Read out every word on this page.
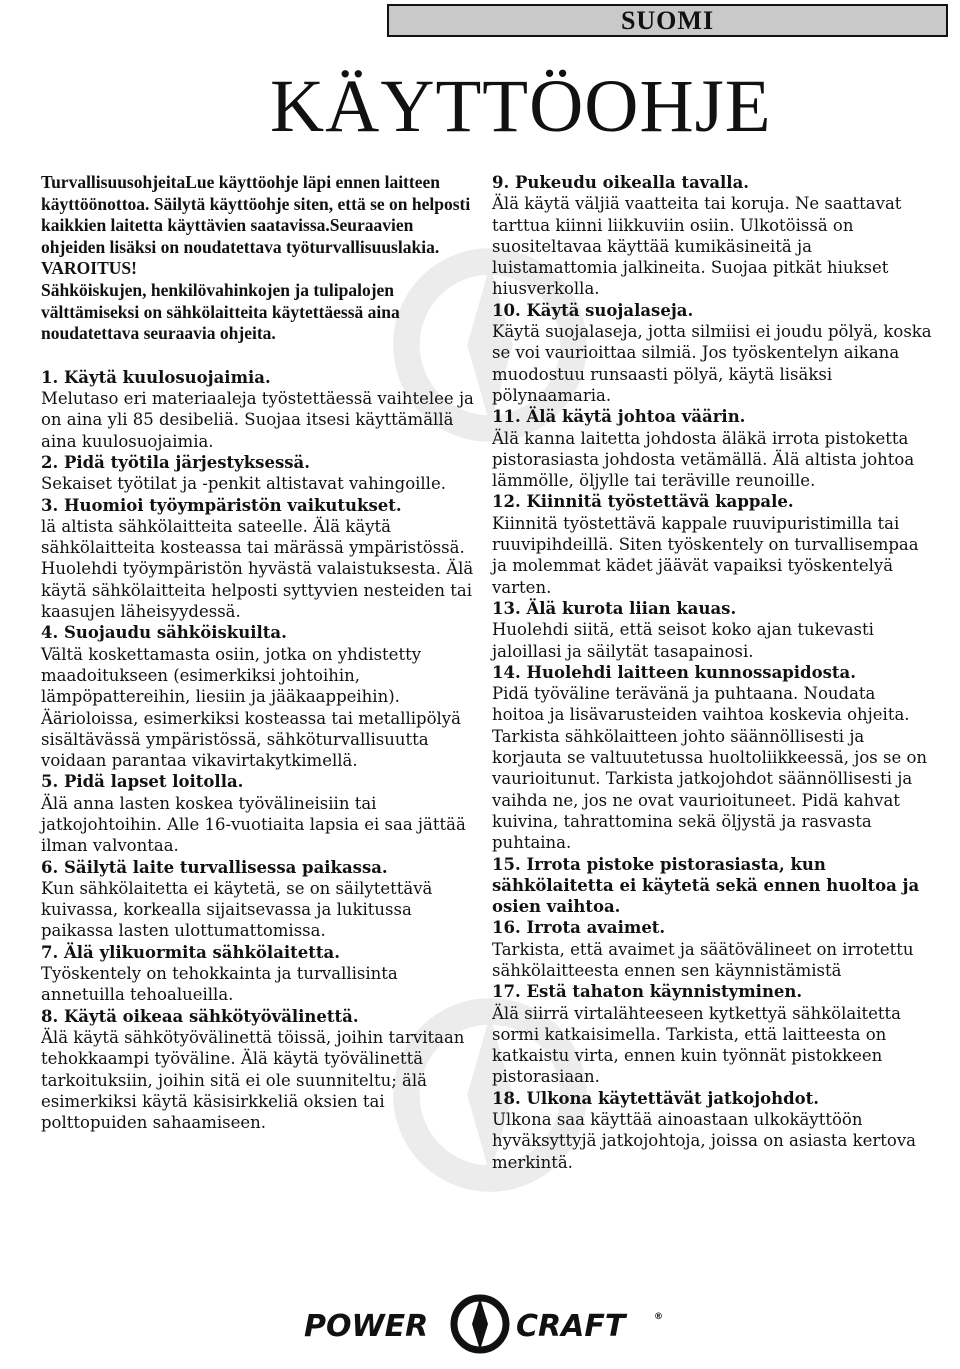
SUOMI
KÄYTTÖOHJE

TurvallisuusohjeitaLue käyttöohje läpi ennen laitteen käyttöönottoa. Säilytä käyttöohje siten, että se on helposti kaikkien laitetta käyttävien saatavissa.Seuraavien ohjeiden lisäksi on noudatettava työturvallisuuslakia.

VAROITUS!

Sähköiskujen, henkilövahinkojen ja tulipalojen välttämiseksi on sähkölaitteita käytettäessä aina noudatettava seuraavia ohjeita.

1. Käytä kuulosuojaimia.

Melutaso eri materiaaleja työstettäessä vaihtelee ja on aina yli 85 desibeliä. Suojaa itsesi käyttämällä aina kuulosuojaimia.

2. Pidä työtila järjestyksessä.

Sekaiset työtilat ja -penkit altistavat vahingoille.

3. Huomioi työympäristön vaikutukset.

lä altista sähkölaitteita sateelle. Älä käytä sähkölaitteita kosteassa tai märässä ympäristössä. Huolehdi työympäristön hyvästä valaistuksesta. Älä käytä sähkölaitteita helposti syttyvien nesteiden tai kaasujen läheisyydessä.

4. Suojaudu sähköiskuilta.

Vältä koskettamasta osiin, jotka on yhdistetty maadoitukseen (esimerkiksi johtoihin, lämpöpattereihin, liesiin ja jääkaappeihin). Äärioloissa, esimerkiksi kosteassa tai metallipölyä sisältävässä ympäristössä, sähköturvallisuutta voidaan parantaa vikavirtakytkimellä.

5. Pidä lapset loitolla.

Älä anna lasten koskea työvälineisiin tai jatkojohtoihin. Alle 16-vuotiaita lapsia ei saa jättää ilman valvontaa.

6. Säilytä laite turvallisessa paikassa.

Kun sähkölaitetta ei käytetä, se on säilytettävä kuivassa, korkealla sijaitsevassa ja lukitussa paikassa lasten ulottumattomissa.

7. Älä ylikuormita sähkölaitetta.

Työskentely on tehokkainta ja turvallisinta annetuilla tehoalueilla.

8. Käytä oikeaa sähkötyövälinettä.

Älä käytä sähkötyövälinettä töissä, joihin tarvitaan tehokkaampi työväline. Älä käytä työvälinettä tarkoituksiin, joihin sitä ei ole suunniteltu; älä esimerkiksi käytä käsisirkkeliä oksien tai polttopuiden sahaamiseen.

9. Pukeudu oikealla tavalla.

Älä käytä väljiä vaatteita tai koruja. Ne saattavat tarttua kiinni liikkuviin osiin. Ulkotöissä on suositeltavaa käyttää kumikäsineitä ja luistamattomia jalkineita. Suojaa pitkät hiukset hiusverkolla.

10. Käytä suojalaseja.

Käytä suojalaseja, jotta silmiisi ei joudu pölyä, koska se voi vaurioittaa silmiä. Jos työskentelyn aikana muodostuu runsaasti pölyä, käytä lisäksi pölynaamaria.

11. Älä käytä johtoa väärin.

Älä kanna laitetta johdosta äläkä irrota pistoketta pistorasiasta johdosta vetämällä. Älä altista johtoa lämmölle, öljylle tai teräville reunoille.

12. Kiinnitä työstettävä kappale.

Kiinnitä työstettävä kappale ruuvipuristimilla tai ruuvipihdeillä. Siten työskentely on turvallisempaa ja molemmat kädet jäävät vapaiksi työskentelyä varten.

13. Älä kurota liian kauas.

Huolehdi siitä, että seisot koko ajan tukevasti jaloillasi ja säilytät tasapainosi.

14. Huolehdi laitteen kunnossapidosta.

Pidä työväline terävänä ja puhtaana. Noudata hoitoa ja lisävarusteiden vaihtoa koskevia ohjeita. Tarkista sähkölaitteen johto säännöllisesti ja korjauta se valtuutetussa huoltoliikkeessä, jos se on vaurioitunut. Tarkista jatkojohdot säännöllisesti ja vaihda ne, jos ne ovat vaurioituneet. Pidä kahvat kuivina, tahrattomina sekä öljystä ja rasvasta puhtaina.

15. Irrota pistoke pistorasiasta, kun sähkölaitetta ei käytetä sekä ennen huoltoa ja osien vaihtoa.

16. Irrota avaimet.

Tarkista, että avaimet ja säätövälineet on irrotettu sähkölaitteesta ennen sen käynnistämistä

17. Estä tahaton käynnistyminen.

Älä siirrä virtalähteeseen kytkettyä sähkölaitetta sormi katkaisimella. Tarkista, että laitteesta on katkaistu virta, ennen kuin työnnät pistokkeen pistorasiaan.

18. Ulkona käytettävät jatkojohdot.

Ulkona saa käyttää ainoastaan ulkokäyttöön hyväksyttyjä jatkojohtoja, joissa on asiasta kertova merkintä.

POWER	CRAFT	®
